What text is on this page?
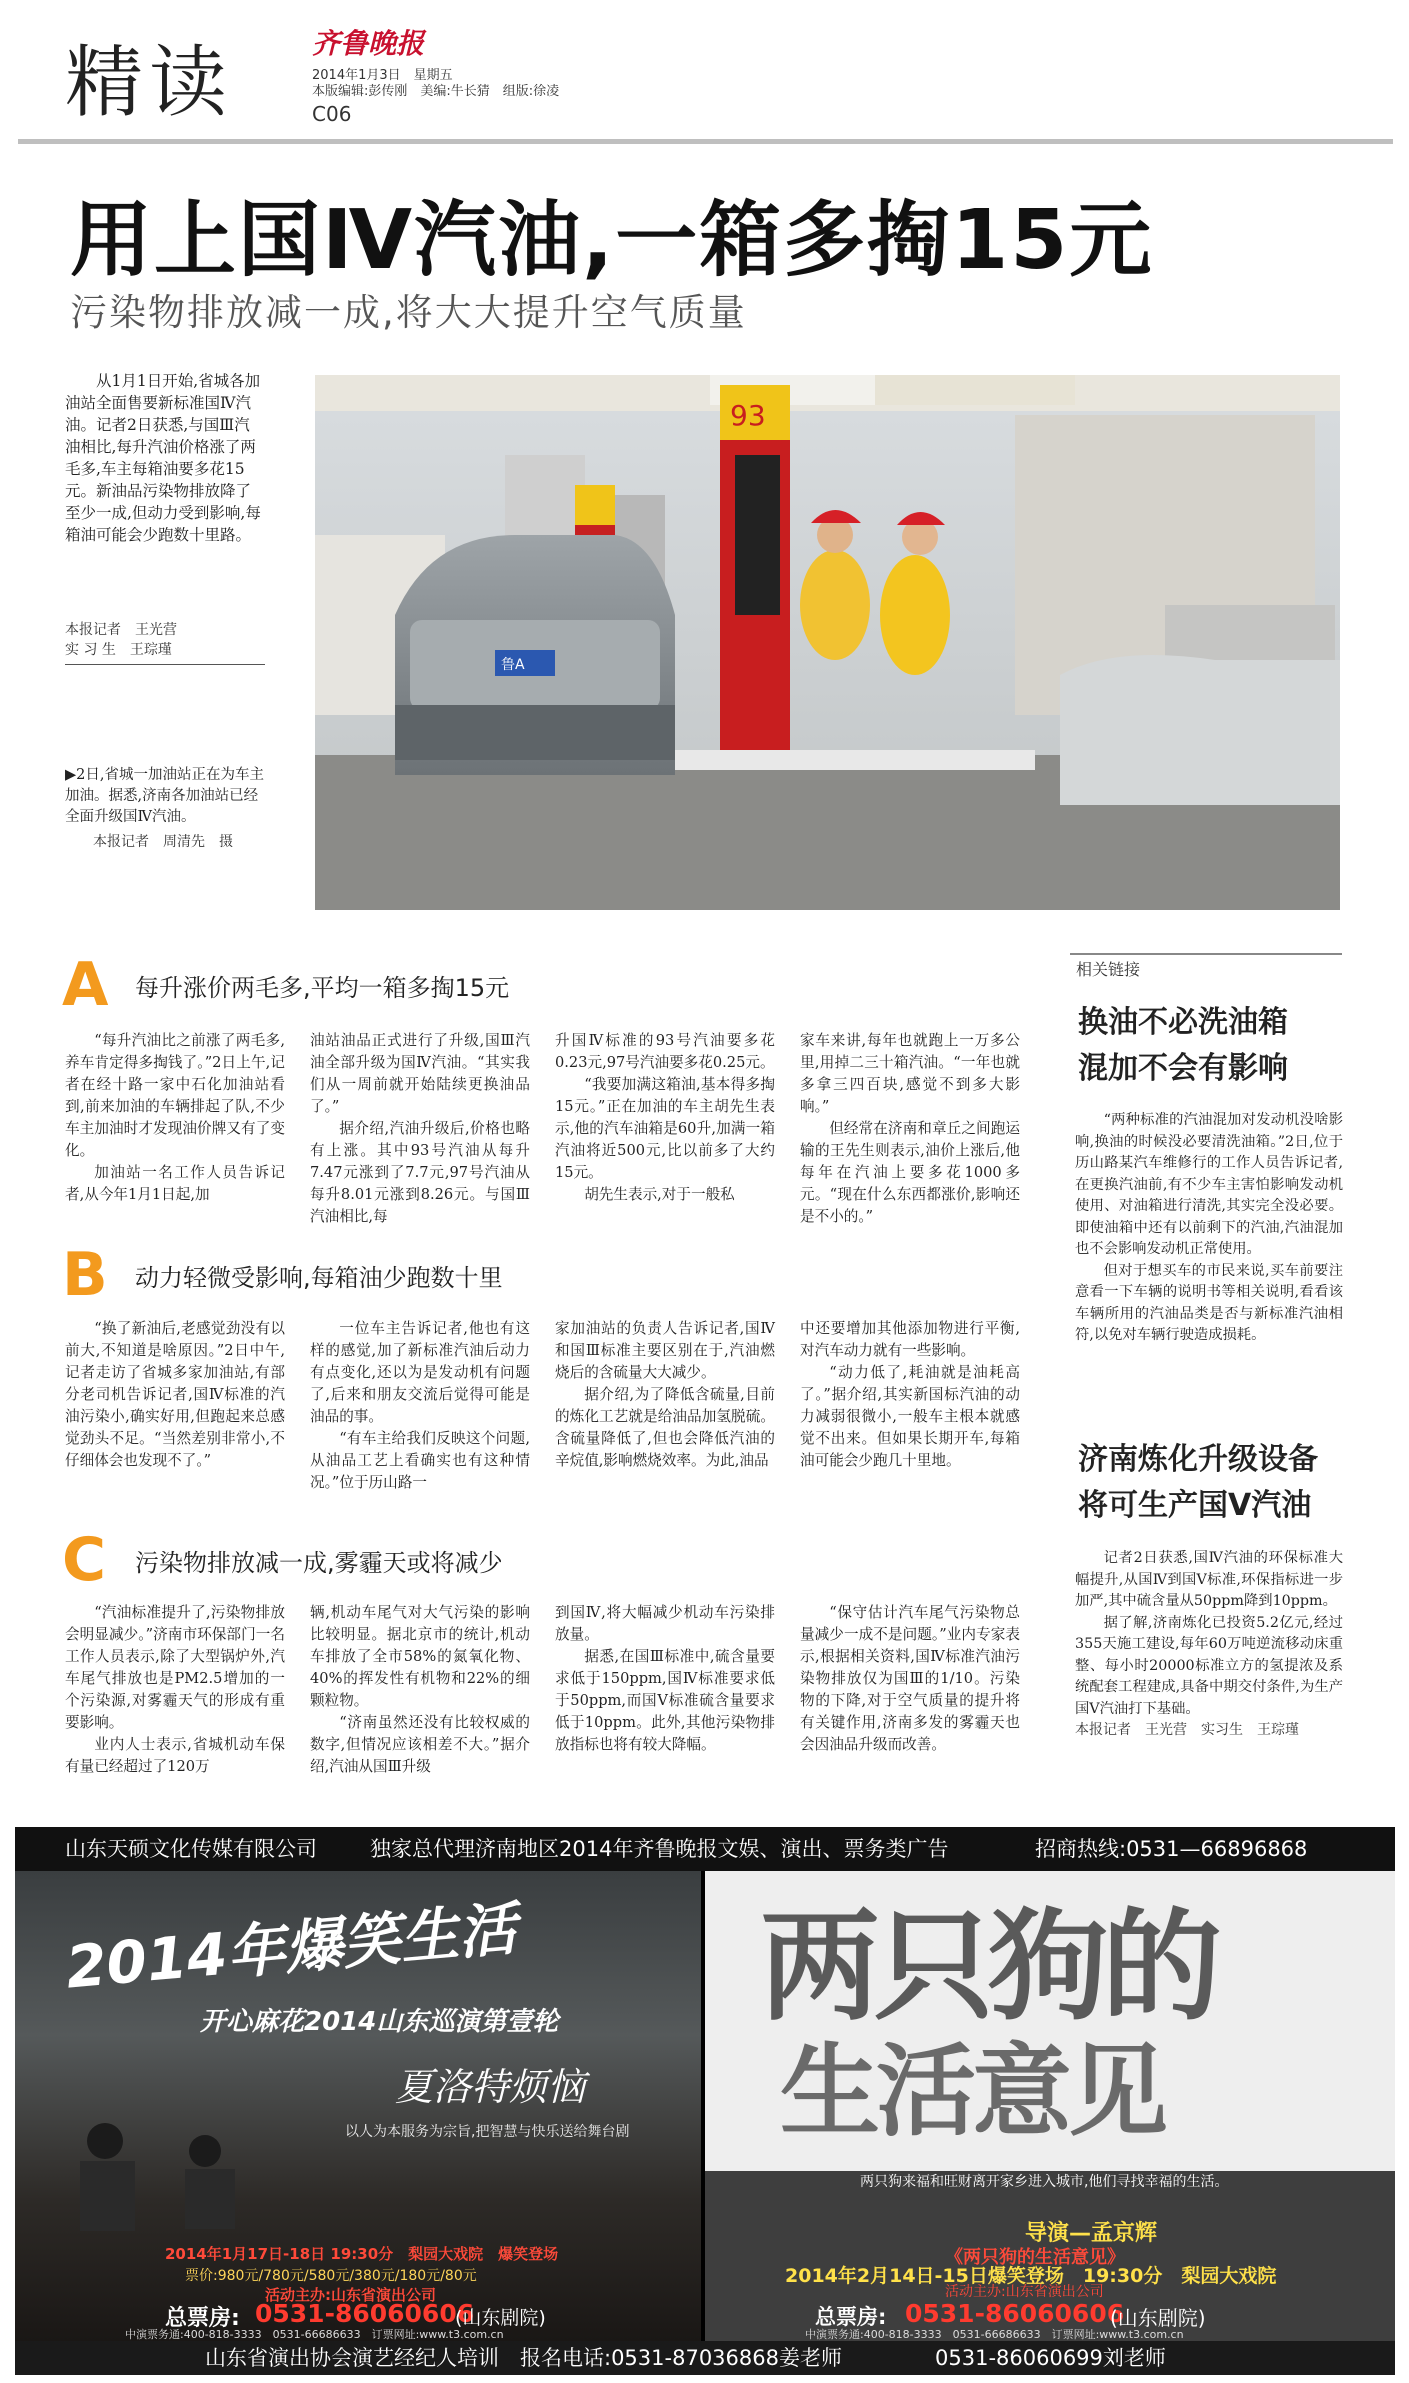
精读	齐鲁晚报
2014年1月3日　星期五
本版编辑:彭传刚　美编:牛长猜　组版:徐凌
C06
用上国Ⅳ汽油,一箱多掏15元
污染物排放减一成,将大大提升空气质量

从1月1日开始,省城各加油站全面售要新标准国Ⅳ汽油。记者2日获悉,与国Ⅲ汽油相比,每升汽油价格涨了两毛多,车主每箱油要多花15元。新油品污染物排放降了至少一成,但动力受到影响,每箱油可能会少跑数十里路。

本报记者　王光营
实 习 生　王琮瑾

▶2日,省城一加油站正在为车主加油。据悉,济南各加油站已经全面升级国Ⅳ汽油。

本报记者　周清先　摄

93
鲁A
A 每升涨价两毛多,平均一箱多掏15元

“每升汽油比之前涨了两毛多,养车肯定得多掏钱了。”2日上午,记者在经十路一家中石化加油站看到,前来加油的车辆排起了队,不少车主加油时才发现油价牌又有了变化。

加油站一名工作人员告诉记者,从今年1月1日起,加

油站油品正式进行了升级,国Ⅲ汽油全部升级为国Ⅳ汽油。“其实我们从一周前就开始陆续更换油品了。”

据介绍,汽油升级后,价格也略有上涨。其中93号汽油从每升7.47元涨到了7.7元,97号汽油从每升8.01元涨到8.26元。与国Ⅲ汽油相比,每

升国Ⅳ标准的93号汽油要多花0.23元,97号汽油要多花0.25元。

“我要加满这箱油,基本得多掏15元。”正在加油的车主胡先生表示,他的汽车油箱是60升,加满一箱汽油将近500元,比以前多了大约15元。

胡先生表示,对于一般私

家车来讲,每年也就跑上一万多公里,用掉二三十箱汽油。“一年也就多拿三四百块,感觉不到多大影响。”

但经常在济南和章丘之间跑运输的王先生则表示,油价上涨后,他每年在汽油上要多花1000多元。“现在什么东西都涨价,影响还是不小的。”

B 动力轻微受影响,每箱油少跑数十里

“换了新油后,老感觉劲没有以前大,不知道是啥原因。”2日中午,记者走访了省城多家加油站,有部分老司机告诉记者,国Ⅳ标准的汽油污染小,确实好用,但跑起来总感觉劲头不足。“当然差别非常小,不仔细体会也发现不了。”

一位车主告诉记者,他也有这样的感觉,加了新标准汽油后动力有点变化,还以为是发动机有问题了,后来和朋友交流后觉得可能是油品的事。

“有车主给我们反映这个问题,从油品工艺上看确实也有这种情况。”位于历山路一

家加油站的负责人告诉记者,国Ⅳ和国Ⅲ标准主要区别在于,汽油燃烧后的含硫量大大减少。

据介绍,为了降低含硫量,目前的炼化工艺就是给油品加氢脱硫。含硫量降低了,但也会降低汽油的辛烷值,影响燃烧效率。为此,油品

中还要增加其他添加物进行平衡,对汽车动力就有一些影响。

“动力低了,耗油就是油耗高了。”据介绍,其实新国标汽油的动力减弱很微小,一般车主根本就感觉不出来。但如果长期开车,每箱油可能会少跑几十里地。

C 污染物排放减一成,雾霾天或将减少

“汽油标准提升了,污染物排放会明显减少。”济南市环保部门一名工作人员表示,除了大型锅炉外,汽车尾气排放也是PM2.5增加的一个污染源,对雾霾天气的形成有重要影响。

业内人士表示,省城机动车保有量已经超过了120万

辆,机动车尾气对大气污染的影响比较明显。据北京市的统计,机动车排放了全市58%的氮氧化物、40%的挥发性有机物和22%的细颗粒物。

“济南虽然还没有比较权威的数字,但情况应该相差不大。”据介绍,汽油从国Ⅲ升级

到国Ⅳ,将大幅减少机动车污染排放量。

据悉,在国Ⅲ标准中,硫含量要求低于150ppm,国Ⅳ标准要求低于50ppm,而国Ⅴ标准硫含量要求低于10ppm。此外,其他污染物排放指标也将有较大降幅。

“保守估计汽车尾气污染物总量减少一成不是问题。”业内专家表示,根据相关资料,国Ⅳ标准汽油污染物排放仅为国Ⅲ的1/10。污染物的下降,对于空气质量的提升将有关键作用,济南多发的雾霾天也会因油品升级而改善。

相关链接
换油不必洗油箱
混加不会有影响

“两种标准的汽油混加对发动机没啥影响,换油的时候没必要清洗油箱。”2日,位于历山路某汽车维修行的工作人员告诉记者,在更换汽油前,有不少车主害怕影响发动机使用、对油箱进行清洗,其实完全没必要。即使油箱中还有以前剩下的汽油,汽油混加也不会影响发动机正常使用。

但对于想买车的市民来说,买车前要注意看一下车辆的说明书等相关说明,看看该车辆所用的汽油品类是否与新标准汽油相符,以免对车辆行驶造成损耗。

济南炼化升级设备
将可生产国Ⅴ汽油

记者2日获悉,国Ⅳ汽油的环保标准大幅提升,从国Ⅳ到国Ⅴ标准,环保指标进一步加严,其中硫含量从50ppm降到10ppm。

据了解,济南炼化已投资5.2亿元,经过355天施工建设,每年60万吨逆流移动床重整、每小时20000标准立方的氢提浓及系统配套工程建成,具备中期交付条件,为生产国Ⅴ汽油打下基础。

本报记者　王光营　实习生　王琮瑾

山东天硕文化传媒有限公司	独家总代理济南地区2014年齐鲁晚报文娱、演出、票务类广告	招商热线:0531—66896868
2014年爆笑生活
开心麻花2014山东巡演第壹轮
夏洛特烦恼
以人为本服务为宗旨,把智慧与快乐送给舞台剧
2014年1月17日-18日 19:30分　梨园大戏院　爆笑登场
票价:980元/780元/580元/380元/180元/80元
活动主办:山东省演出公司
总票房: 0531-86060606
(山东剧院)
中演票务通:400-818-3333　0531-66686633　订票网址:www.t3.com.cn
两只狗的
生活意见
两只狗来福和旺财离开家乡进入城市,他们寻找幸福的生活。
导演—孟京辉
《两只狗的生活意见》
2014年2月14日-15日爆笑登场　19:30分　梨园大戏院
活动主办:山东省演出公司
总票房: 0531-86060606
(山东剧院)
中演票务通:400-818-3333　0531-66686633　订票网址:www.t3.com.cn
山东省演出协会演艺经纪人培训　报名电话:0531-87036868姜老师	0531-86060699刘老师
